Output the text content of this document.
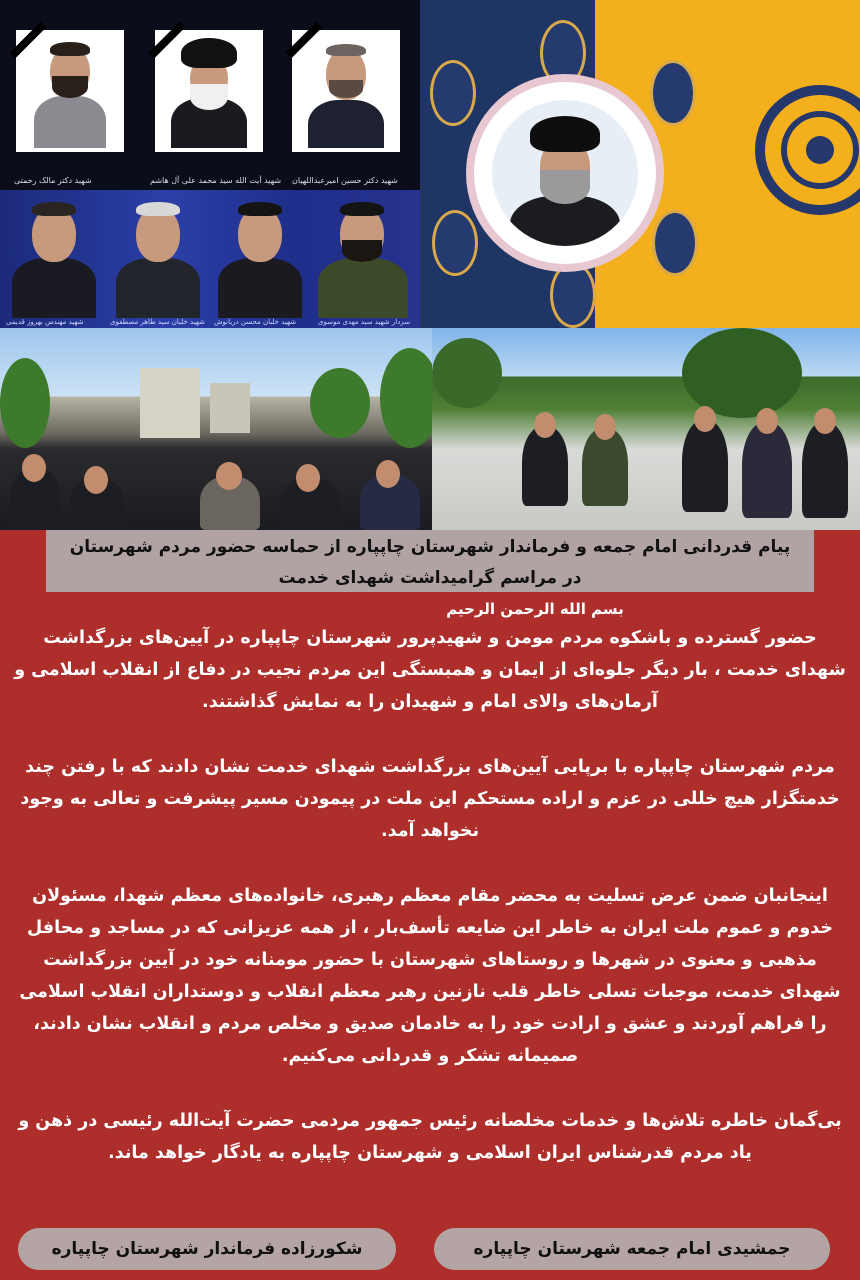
شهید دکتر حسین امیرعبداللهیان
شهید آیت الله سید محمد علی آل هاشم
شهید دکتر مالک رحمتی
سردار شهید سید مهدی موسوی
شهید خلبان محسن دریانوش
شهید خلبان سید طاهر مصطفوی
شهید مهندس بهروز قدیمی

پیام قدردانی امام جمعه و فرماندار شهرستان چاپپاره از حماسه حضور مردم شهرستان

در مراسم گرامیداشت شهدای خدمت

بسم الله الرحمن الرحیم

حضور گسترده و باشکوه مردم مومن و شهیدپرور شهرستان چاپپاره در آیین‌های بزرگداشت شهدای خدمت ، بار دیگر جلوه‌ای از ایمان و همبستگی این مردم نجیب در دفاع از انقلاب اسلامی و آرمان‌های والای امام و شهیدان را به نمایش گذاشتند.

مردم شهرستان چاپپاره با برپایی آیین‌های بزرگداشت شهدای خدمت نشان دادند که با رفتن چند خدمتگزار هیچ خللی در عزم و اراده مستحکم این ملت در پیمودن مسیر پیشرفت و تعالی به وجود نخواهد آمد.

اینجانبان ضمن عرض تسلیت به محضر مقام معظم رهبری، خانواده‌های معظم شهدا، مسئولان خدوم و عموم ملت ایران به خاطر این ضایعه تأسف‌بار ، از همه عزیزانی که در مساجد و محافل مذهبی و معنوی در شهرها و روستاهای شهرستان با حضور مومنانه خود در آیین بزرگداشت شهدای خدمت، موجبات تسلی خاطر قلب نازنین رهبر معظم انقلاب و دوستداران انقلاب اسلامی را فراهم آوردند و عشق و ارادت خود را به خادمان صدیق و مخلص مردم و انقلاب نشان دادند، صمیمانه تشکر و قدردانی می‌کنیم.

بی‌گمان خاطره تلاش‌ها و خدمات مخلصانه رئیس جمهور مردمی حضرت آیت‌الله رئیسی در ذهن و یاد مردم قدرشناس ایران اسلامی و شهرستان چاپپاره به یادگار خواهد ماند.

جمشیدی امام جمعه شهرستان چاپپاره
شکورزاده فرماندار شهرستان چاپپاره
